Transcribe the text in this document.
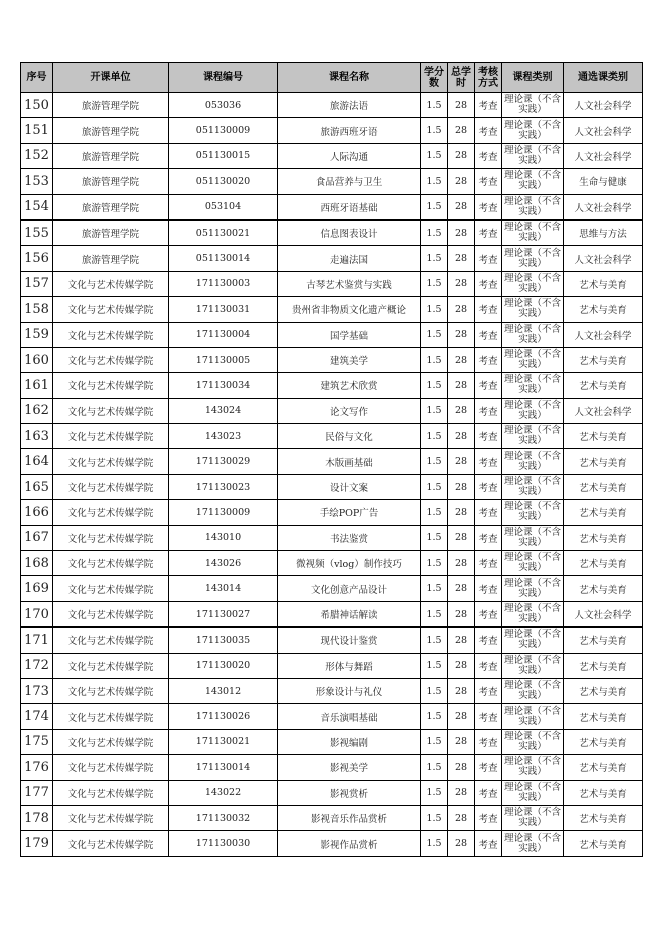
序号	开课单位	课程编号	课程名称	学分数	总学时	考核方式	课程类别	通选课类别
150	旅游管理学院	053036	旅游法语	1.5	28	考查	理论课（不含实践）	人文社会科学
151	旅游管理学院	051130009	旅游西班牙语	1.5	28	考查	理论课（不含实践）	人文社会科学
152	旅游管理学院	051130015	人际沟通	1.5	28	考查	理论课（不含实践）	人文社会科学
153	旅游管理学院	051130020	食品营养与卫生	1.5	28	考查	理论课（不含实践）	生命与健康
154	旅游管理学院	053104	西班牙语基础	1.5	28	考查	理论课（不含实践）	人文社会科学
155	旅游管理学院	051130021	信息图表设计	1.5	28	考查	理论课（不含实践）	思维与方法
156	旅游管理学院	051130014	走遍法国	1.5	28	考查	理论课（不含实践）	人文社会科学
157	文化与艺术传媒学院	171130003	古琴艺术鉴赏与实践	1.5	28	考查	理论课（不含实践）	艺术与美育
158	文化与艺术传媒学院	171130031	贵州省非物质文化遗产概论	1.5	28	考查	理论课（不含实践）	艺术与美育
159	文化与艺术传媒学院	171130004	国学基础	1.5	28	考查	理论课（不含实践）	人文社会科学
160	文化与艺术传媒学院	171130005	建筑美学	1.5	28	考查	理论课（不含实践）	艺术与美育
161	文化与艺术传媒学院	171130034	建筑艺术欣赏	1.5	28	考查	理论课（不含实践）	艺术与美育
162	文化与艺术传媒学院	143024	论文写作	1.5	28	考查	理论课（不含实践）	人文社会科学
163	文化与艺术传媒学院	143023	民俗与文化	1.5	28	考查	理论课（不含实践）	艺术与美育
164	文化与艺术传媒学院	171130029	木版画基础	1.5	28	考查	理论课（不含实践）	艺术与美育
165	文化与艺术传媒学院	171130023	设计文案	1.5	28	考查	理论课（不含实践）	艺术与美育
166	文化与艺术传媒学院	171130009	手绘POP广告	1.5	28	考查	理论课（不含实践）	艺术与美育
167	文化与艺术传媒学院	143010	书法鉴赏	1.5	28	考查	理论课（不含实践）	艺术与美育
168	文化与艺术传媒学院	143026	微视频（vlog）制作技巧	1.5	28	考查	理论课（不含实践）	艺术与美育
169	文化与艺术传媒学院	143014	文化创意产品设计	1.5	28	考查	理论课（不含实践）	艺术与美育
170	文化与艺术传媒学院	171130027	希腊神话解读	1.5	28	考查	理论课（不含实践）	人文社会科学
171	文化与艺术传媒学院	171130035	现代设计鉴赏	1.5	28	考查	理论课（不含实践）	艺术与美育
172	文化与艺术传媒学院	171130020	形体与舞蹈	1.5	28	考查	理论课（不含实践）	艺术与美育
173	文化与艺术传媒学院	143012	形象设计与礼仪	1.5	28	考查	理论课（不含实践）	艺术与美育
174	文化与艺术传媒学院	171130026	音乐演唱基础	1.5	28	考查	理论课（不含实践）	艺术与美育
175	文化与艺术传媒学院	171130021	影视编剧	1.5	28	考查	理论课（不含实践）	艺术与美育
176	文化与艺术传媒学院	171130014	影视美学	1.5	28	考查	理论课（不含实践）	艺术与美育
177	文化与艺术传媒学院	143022	影视赏析	1.5	28	考查	理论课（不含实践）	艺术与美育
178	文化与艺术传媒学院	171130032	影视音乐作品赏析	1.5	28	考查	理论课（不含实践）	艺术与美育
179	文化与艺术传媒学院	171130030	影视作品赏析	1.5	28	考查	理论课（不含实践）	艺术与美育
